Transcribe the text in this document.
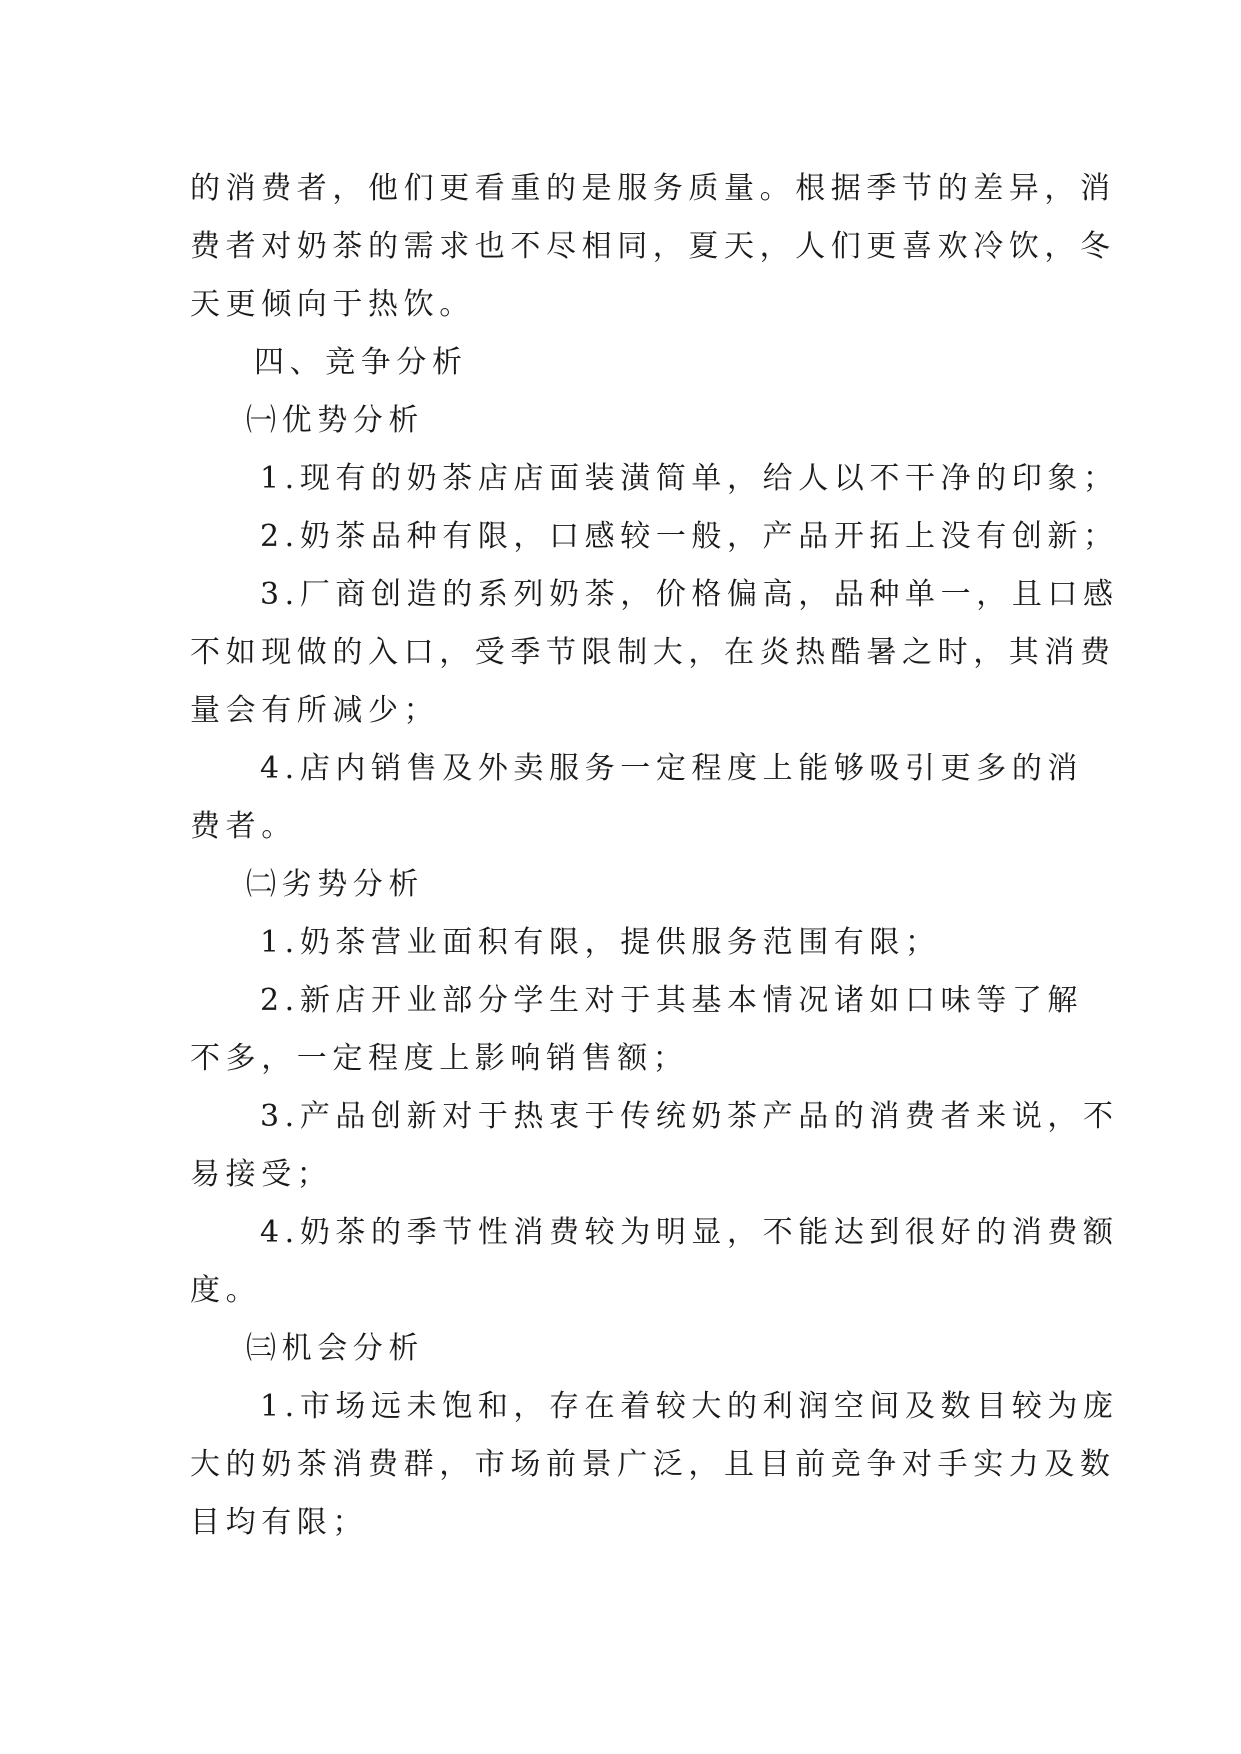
的消费者，他们更看重的是服务质量。根据季节的差异，消
费者对奶茶的需求也不尽相同，夏天，人们更喜欢冷饮，冬
天更倾向于热饮。
四、竞争分析
㈠优势分析
1.现有的奶茶店店面装潢简单，给人以不干净的印象；
2.奶茶品种有限，口感较一般，产品开拓上没有创新；
3.厂商创造的系列奶茶，价格偏高，品种单一，且口感
不如现做的入口，受季节限制大，在炎热酷暑之时，其消费
量会有所减少；
4.店内销售及外卖服务一定程度上能够吸引更多的消
费者。
㈡劣势分析
1.奶茶营业面积有限，提供服务范围有限；
2.新店开业部分学生对于其基本情况诸如口味等了解
不多，一定程度上影响销售额；
3.产品创新对于热衷于传统奶茶产品的消费者来说，不
易接受；
4.奶茶的季节性消费较为明显，不能达到很好的消费额
度。
㈢机会分析
1.市场远未饱和，存在着较大的利润空间及数目较为庞
大的奶茶消费群，市场前景广泛，且目前竞争对手实力及数
目均有限；
